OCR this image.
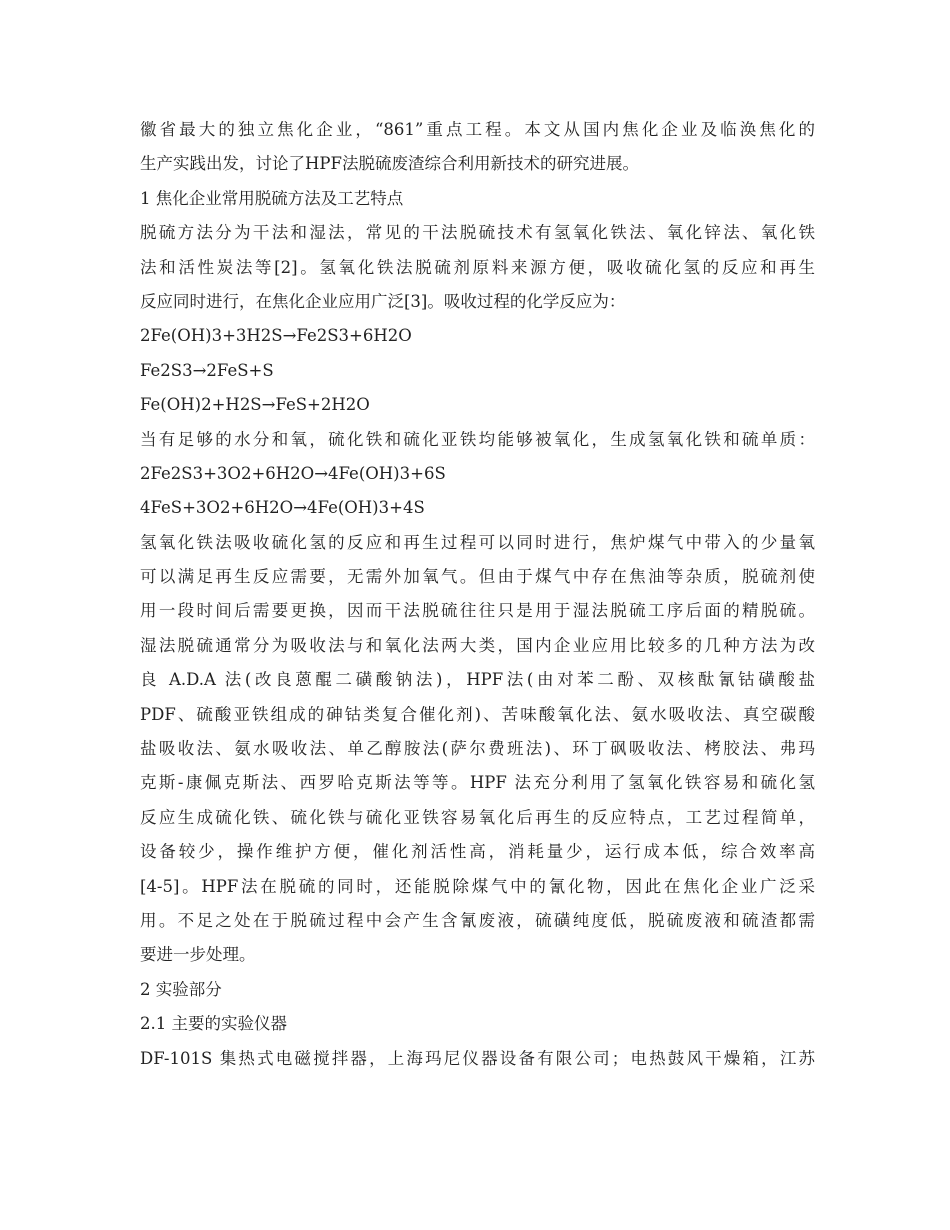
徽省最大的独立焦化企业，“861”重点工程。本文从国内焦化企业及临涣焦化的
生产实践出发，讨论了HPF法脱硫废渣综合利用新技术的研究进展。
1 焦化企业常用脱硫方法及工艺特点
脱硫方法分为干法和湿法，常见的干法脱硫技术有氢氧化铁法、氧化锌法、氧化铁
法和活性炭法等[2]。氢氧化铁法脱硫剂原料来源方便，吸收硫化氢的反应和再生
反应同时进行，在焦化企业应用广泛[3]。吸收过程的化学反应为：
2Fe(OH)3+3H2S→Fe2S3+6H2O
Fe2S3→2FeS+S
Fe(OH)2+H2S→FeS+2H2O
当有足够的水分和氧，硫化铁和硫化亚铁均能够被氧化，生成氢氧化铁和硫单质：
2Fe2S3+3O2+6H2O→4Fe(OH)3+6S
4FeS+3O2+6H2O→4Fe(OH)3+4S
氢氧化铁法吸收硫化氢的反应和再生过程可以同时进行，焦炉煤气中带入的少量氧
可以满足再生反应需要，无需外加氧气。但由于煤气中存在焦油等杂质，脱硫剂使
用一段时间后需要更换，因而干法脱硫往往只是用于湿法脱硫工序后面的精脱硫。
湿法脱硫通常分为吸收法与和氧化法两大类，国内企业应用比较多的几种方法为改
良 A.D.A 法(改良蒽醌二磺酸钠法)，HPF法(由对苯二酚、双核酞氰钴磺酸盐
PDF、硫酸亚铁组成的砷钴类复合催化剂)、苦味酸氧化法、氨水吸收法、真空碳酸
盐吸收法、氨水吸收法、单乙醇胺法(萨尔费班法)、环丁砜吸收法、栲胶法、弗玛
克斯-康佩克斯法、西罗哈克斯法等等。HPF 法充分利用了氢氧化铁容易和硫化氢
反应生成硫化铁、硫化铁与硫化亚铁容易氧化后再生的反应特点，工艺过程简单，
设备较少，操作维护方便，催化剂活性高，消耗量少，运行成本低，综合效率高
[4-5]。HPF法在脱硫的同时，还能脱除煤气中的氰化物，因此在焦化企业广泛采
用。不足之处在于脱硫过程中会产生含氰废液，硫磺纯度低，脱硫废液和硫渣都需
要进一步处理。
2 实验部分
2.1 主要的实验仪器
DF-101S 集热式电磁搅拌器，上海玛尼仪器设备有限公司；电热鼓风干燥箱，江苏
